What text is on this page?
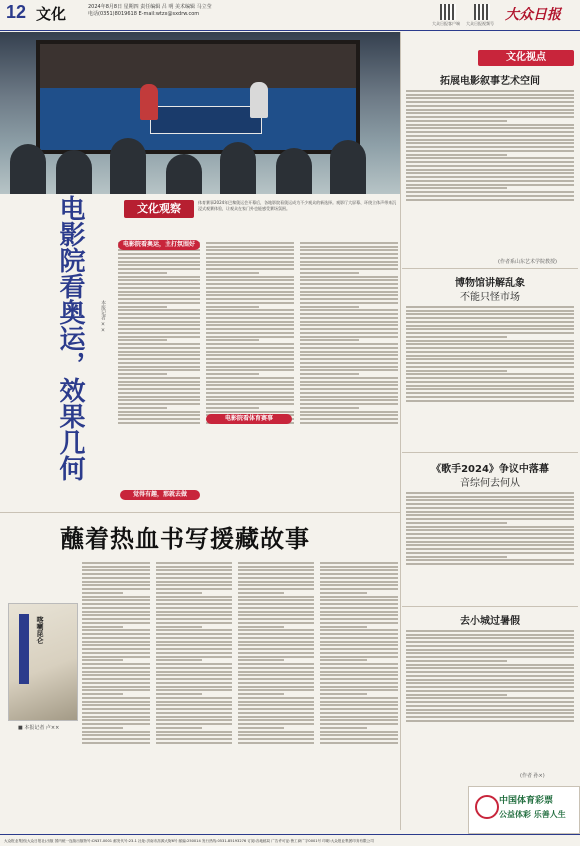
12 文化	2024年8月8日 星期四 责任编辑 吕 明 美术编辑 马立莹
电话(0351)8019618 E-mail:wtzx@sxdrw.com
大众日报客户端 大众日报视频号
大众日报
电影院看奥运，效果几何	本报记者 ××
文化观察	体育赛事2024年巴黎奥运会开幕后，各地影院看奥运成为不少观众的新选择。观影厅大屏幕、环绕立体声带来沉浸式观赛体验，让观众在家门外也能感受赛场氛围。
电影院看奥运，主打氛围好
电影院看体育赛事
觉得有趣，那就去做
蘸着热血书写援藏故事
喀喇昆仑
■ 本报记者 卢××
文化视点
拓展电影叙事艺术空间
(作者系山东艺术学院教授)
博物馆讲解乱象
不能只怪市场
《歌手2024》争议中落幕
音综何去何从
去小城过暑假
(作者 孙×)
中国体育彩票
公益体彩 乐善人生
大众报业集团(大众日报社)出版 国内统一连续出版物号:CN37-0001 邮发代号:23-1 社址:济南市泺源大街6号 邮编:250014 发行热线:0531-85193276 订阅:各地邮局 广告许可证:鲁工商广字0001号 印刷:大众报业集团印务有限公司
